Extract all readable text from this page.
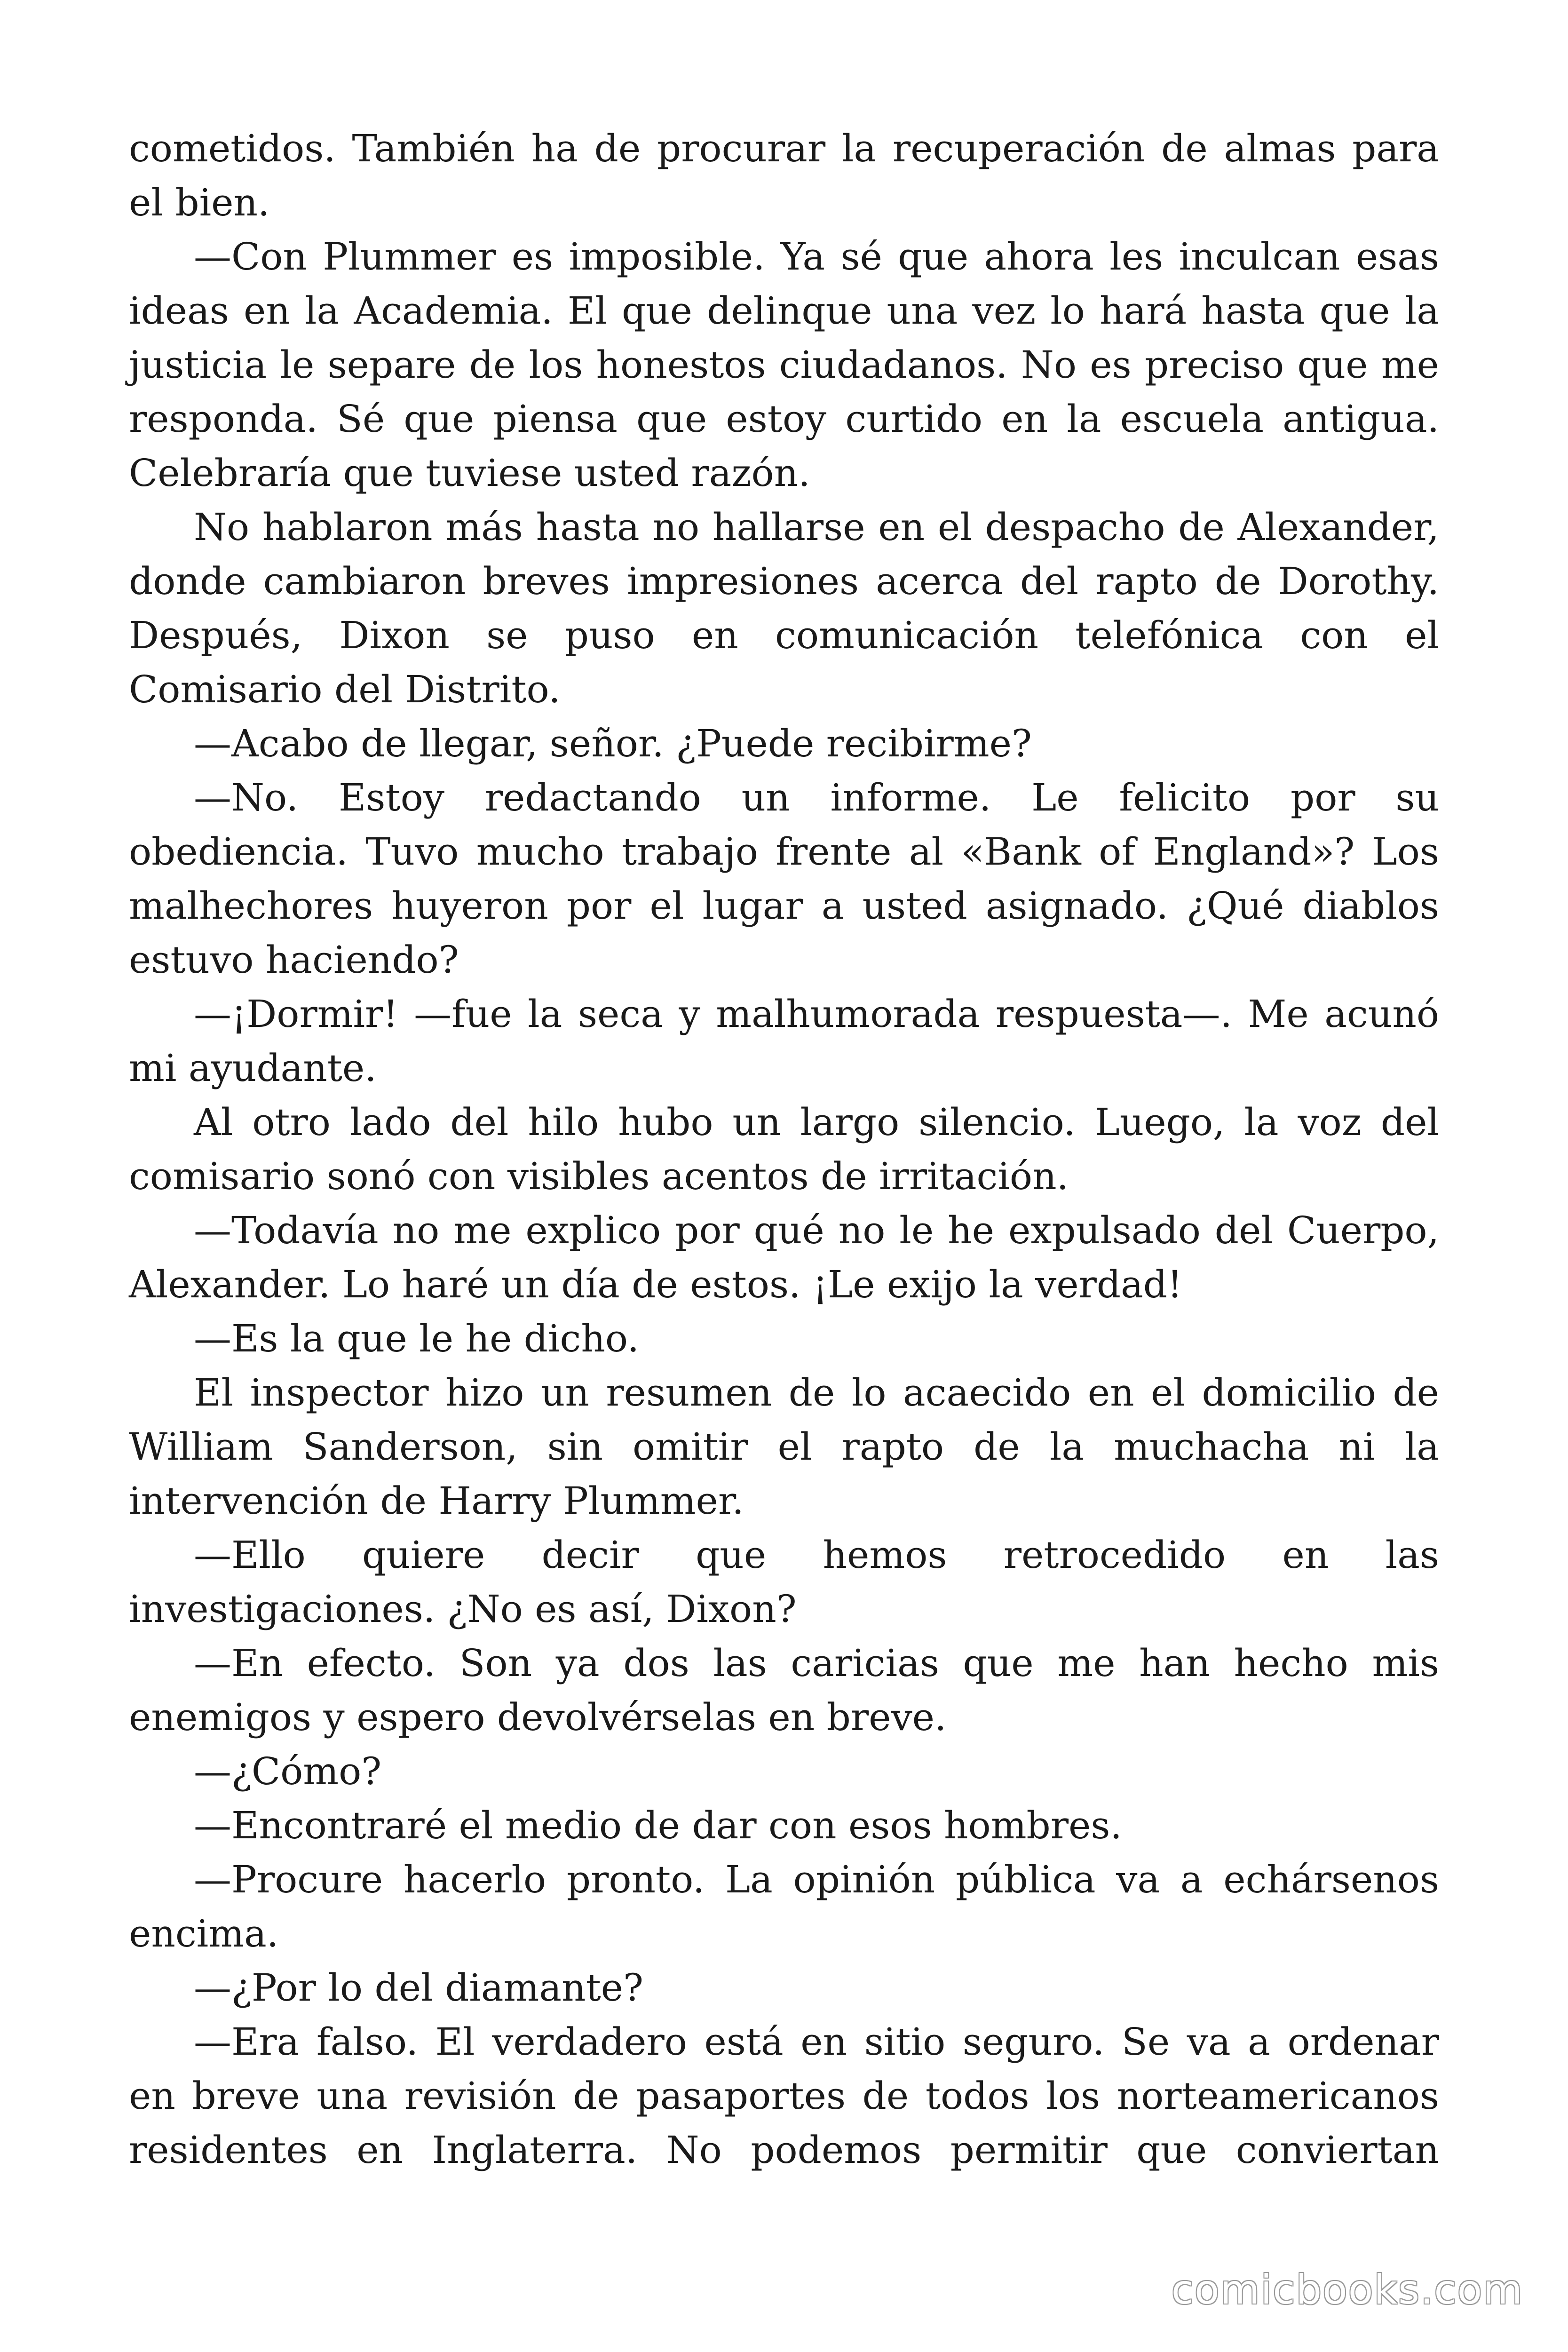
cometidos. También ha de procurar la recuperación de almas para el bien.

—Con Plummer es imposible. Ya sé que ahora les inculcan esas ideas en la Academia. El que delinque una vez lo hará hasta que la justicia le separe de los honestos ciudadanos. No es preciso que me responda. Sé que piensa que estoy curtido en la escuela antigua. Celebraría que tuviese usted razón.

No hablaron más hasta no hallarse en el despacho de Alexander, donde cambiaron breves impresiones acerca del rapto de Dorothy. Después, Dixon se puso en comunicación telefónica con el Comisario del Distrito.

—Acabo de llegar, señor. ¿Puede recibirme?

—No. Estoy redactando un informe. Le felicito por su obediencia. Tuvo mucho trabajo frente al «Bank of England»? Los malhechores huyeron por el lugar a usted asignado. ¿Qué diablos estuvo haciendo?

—¡Dormir! —fue la seca y malhumorada respuesta—. Me acunó mi ayudante.

Al otro lado del hilo hubo un largo silencio. Luego, la voz del comisario sonó con visibles acentos de irritación.

—Todavía no me explico por qué no le he expulsado del Cuerpo, Alexander. Lo haré un día de estos. ¡Le exijo la verdad!

—Es la que le he dicho.

El inspector hizo un resumen de lo acaecido en el domicilio de William Sanderson, sin omitir el rapto de la muchacha ni la intervención de Harry Plummer.

—Ello quiere decir que hemos retrocedido en las investigaciones. ¿No es así, Dixon?

—En efecto. Son ya dos las caricias que me han hecho mis enemigos y espero devolvérselas en breve.

—¿Cómo?

—Encontraré el medio de dar con esos hombres.

—Procure hacerlo pronto. La opinión pública va a echársenos encima.

—¿Por lo del diamante?

—Era falso. El verdadero está en sitio seguro. Se va a ordenar en breve una revisión de pasaportes de todos los norteamericanos residentes en Inglaterra. No podemos permitir que conviertan

comicbooks.com
